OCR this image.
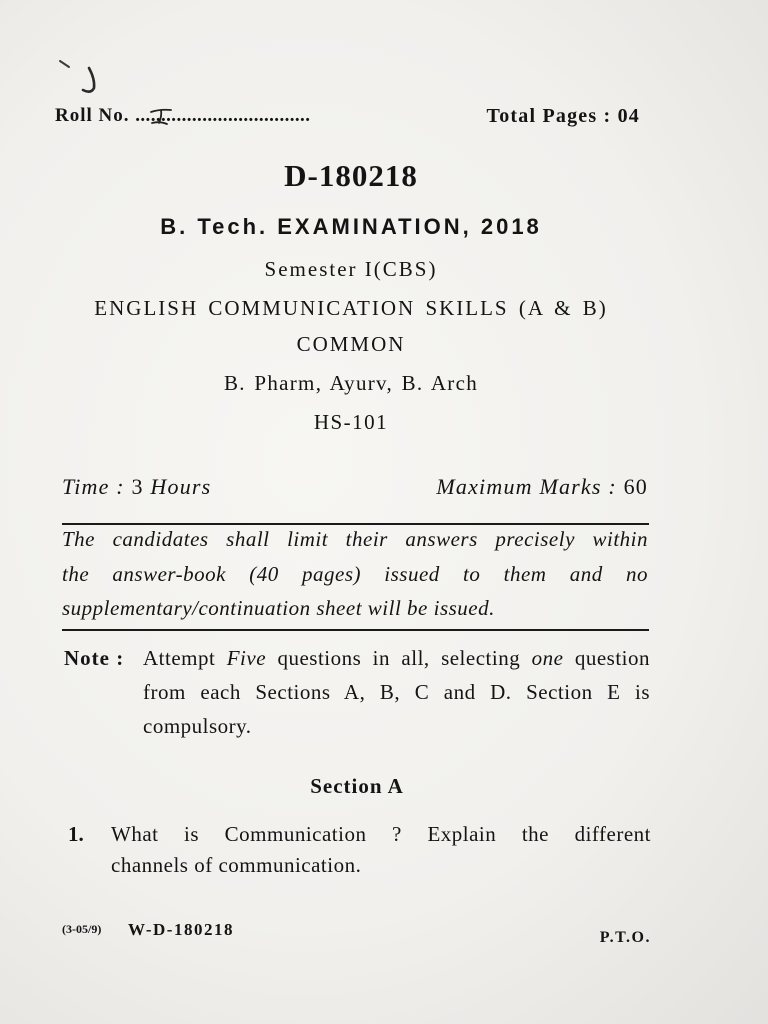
Roll No. ..................................	Total Pages : 04
D-180218
B. Tech. EXAMINATION, 2018
Semester I(CBS)
ENGLISH COMMUNICATION SKILLS (A & B)
COMMON
B. Pharm, Ayurv, B. Arch
HS-101
Time : 3 Hours	Maximum Marks : 60
The candidates shall limit their answers precisely within
the answer-book (40 pages) issued to them and no
supplementary/continuation sheet will be issued.
Note : Attempt Five questions in all, selecting one question
from each Sections A, B, C and D. Section E is
compulsory.
Section A
1. What is Communication ? Explain the different
channels of communication.
(3-05/9) W-D-180218	P.T.O.
